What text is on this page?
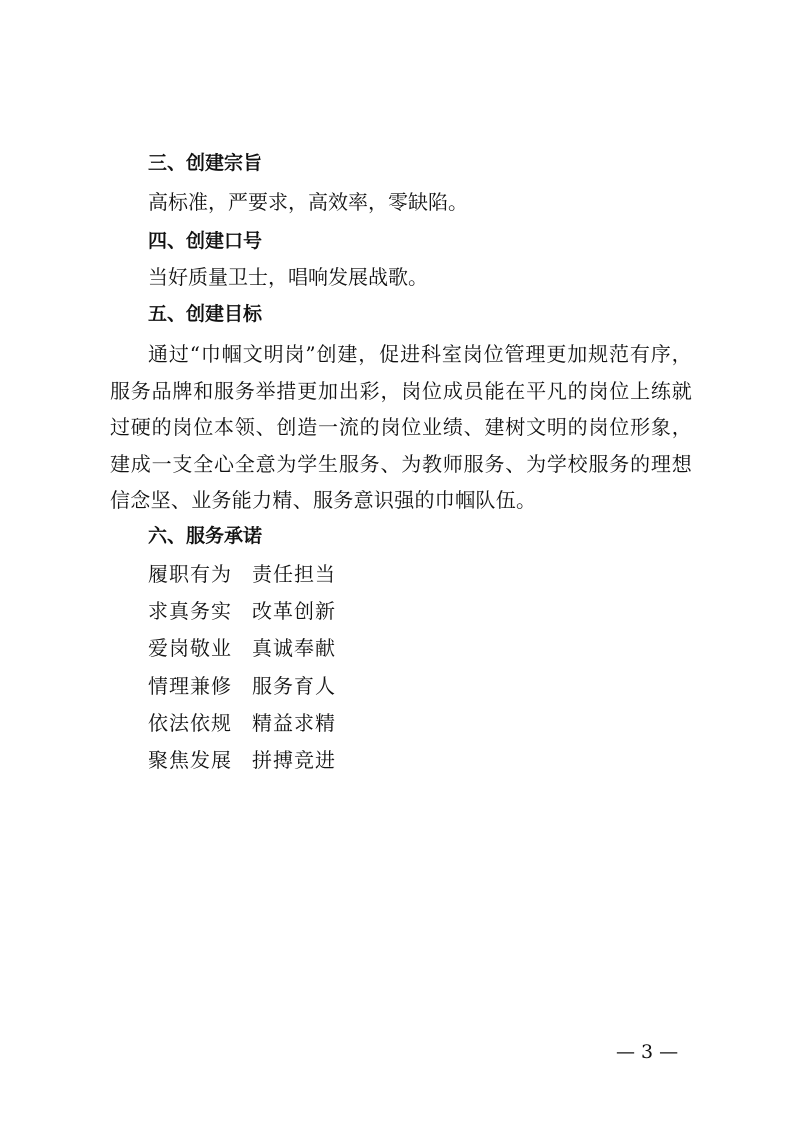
三、创建宗旨
高标准，严要求，高效率，零缺陷。
四、创建口号
当好质量卫士，唱响发展战歌。
五、创建目标
通过“巾帼文明岗”创建，促进科室岗位管理更加规范有序，服务品牌和服务举措更加出彩，岗位成员能在平凡的岗位上练就过硬的岗位本领、创造一流的岗位业绩、建树文明的岗位形象，建成一支全心全意为学生服务、为教师服务、为学校服务的理想信念坚、业务能力精、服务意识强的巾帼队伍。
六、服务承诺
履职有为 责任担当
求真务实 改革创新
爱岗敬业 真诚奉献
情理兼修 服务育人
依法依规 精益求精
聚焦发展 拼搏竞进
— 3 —
